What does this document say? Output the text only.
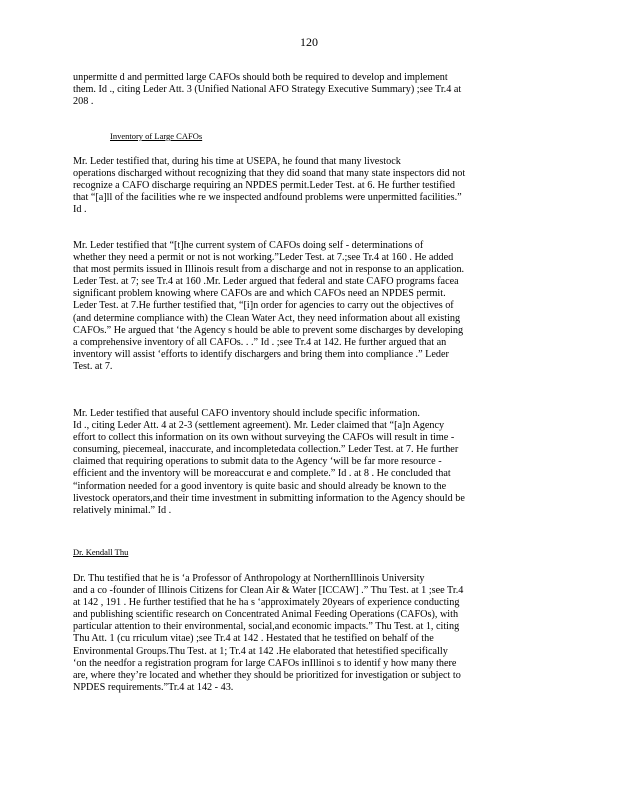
120
unpermitte d and permitted large CAFOs should both be required to develop and implement
them. Id ., citing Leder Att. 3 (Unified National AFO Strategy Executive Summary) ;see Tr.4 at
208 .
Inventory of Large CAFOs
Mr. Leder testified that, during his time at USEPA, he found that many livestock
operations discharged without recognizing that they did soand that many state inspectors did not
recognize a CAFO discharge requiring an NPDES permit.Leder Test. at 6. He further testified
that “[a]ll of the facilities whe re we inspected andfound problems were unpermitted facilities.”
Id .
Mr. Leder testified that “[t]he current system of CAFOs doing self - determinations of
whether they need a permit or not is not working.”Leder Test. at 7.;see Tr.4 at 160 . He added
that most permits issued in Illinois result from a discharge and not in response to an application.
Leder Test. at 7; see Tr.4 at 160 .Mr. Leder argued that federal and state CAFO programs facea
significant problem knowing where CAFOs are and which CAFOs need an NPDES permit.
Leder Test. at 7.He further testified that, “[i]n order for agencies to carry out the objectives of
(and determine compliance with) the Clean Water Act, they need information about all existing
CAFOs.” He argued that ‘the Agency s hould be able to prevent some discharges by developing
a comprehensive inventory of all CAFOs. . .” Id . ;see Tr.4 at 142. He further argued that an
inventory will assist ‘efforts to identify dischargers and bring them into compliance .” Leder
Test. at 7.
Mr. Leder testified that auseful CAFO inventory should include specific information.
Id ., citing Leder Att. 4 at 2-3 (settlement agreement). Mr. Leder claimed that “[a]n Agency
effort to collect this information on its own without surveying the CAFOs will result in time -
consuming, piecemeal, inaccurate, and incompletedata collection.” Leder Test. at 7. He further
claimed that requiring operations to submit data to the Agency ‘will be far more resource -
efficient and the inventory will be moreaccurat e and complete.” Id . at 8 . He concluded that
“information needed for a good inventory is quite basic and should already be known to the
livestock operators,and their time investment in submitting information to the Agency should be
relatively minimal.” Id .
Dr. Kendall Thu
Dr. Thu testified that he is ‘a Professor of Anthropology at NorthernIllinois University
and a co -founder of Illinois Citizens for Clean Air & Water [ICCAW] .” Thu Test. at 1 ;see Tr.4
at 142 , 191 . He further testified that he ha s ‘approximately 20years of experience conducting
and publishing scientific research on Concentrated Animal Feeding Operations (CAFOs), with
particular attention to their environmental, social,and economic impacts.” Thu Test. at 1, citing
Thu Att. 1 (cu rriculum vitae) ;see Tr.4 at 142 . Hestated that he testified on behalf of the
Environmental Groups.Thu Test. at 1; Tr.4 at 142 .He elaborated that hetestified specifically
‘on the needfor a registration program for large CAFOs inIllinoi s to identif y how many there
are, where they’re located and whether they should be prioritized for investigation or subject to
NPDES requirements.”Tr.4 at 142 - 43.
